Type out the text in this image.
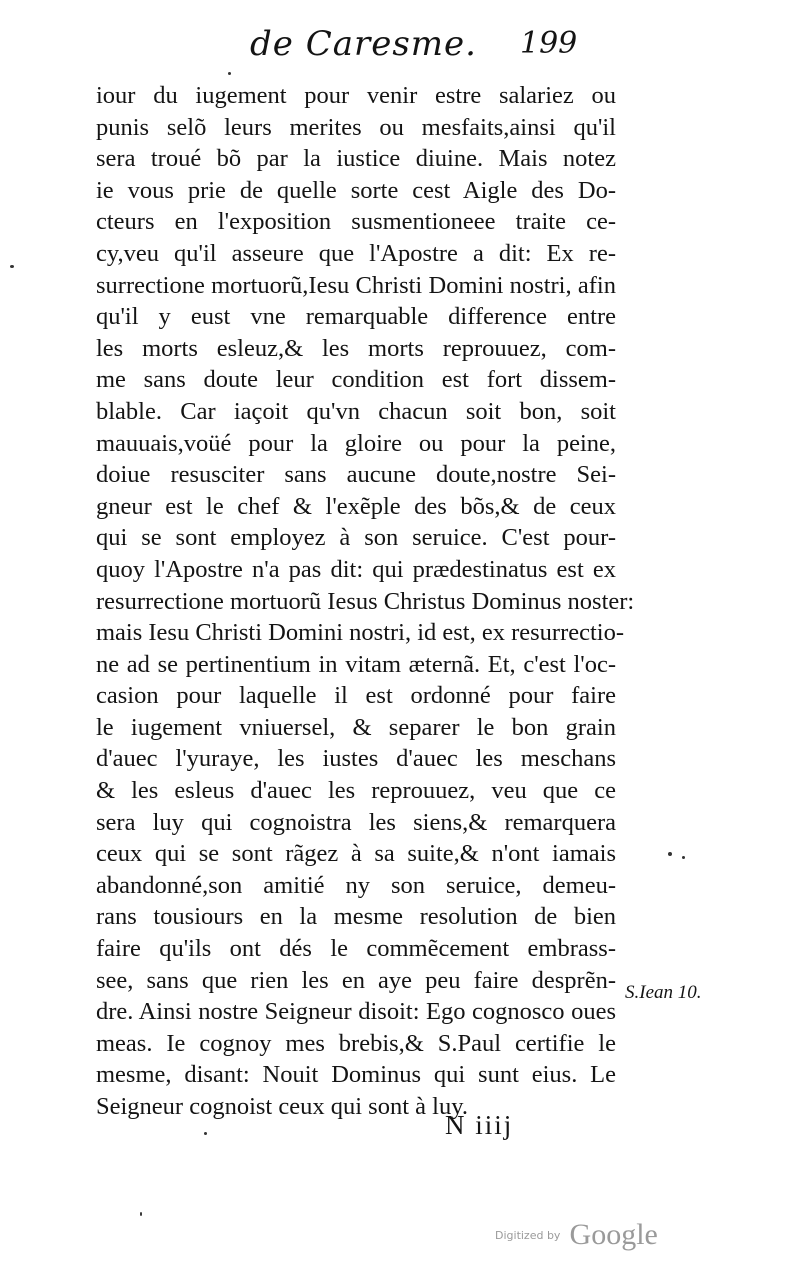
de Caresme. 199
iour du iugement pour venir estre salariez ou
punis selõ leurs merites ou mesfaits,ainsi qu'il
sera troué bõ par la iustice diuine. Mais notez
ie vous prie de quelle sorte cest Aigle des Do-
cteurs en l'exposition susmentioneee traite ce-
cy,veu qu'il asseure que l'Apostre a dit: Ex re-
surrectione mortuorũ,Iesu Christi Domini nostri, afin
qu'il y eust vne remarquable difference entre
les morts esleuz,& les morts reprouuez, com-
me sans doute leur condition est fort dissem-
blable. Car iaçoit qu'vn chacun soit bon, soit
mauuais,voüé pour la gloire ou pour la peine,
doiue resusciter sans aucune doute,nostre Sei-
gneur est le chef & l'exẽple des bõs,& de ceux
qui se sont employez à son seruice. C'est pour-
quoy l'Apostre n'a pas dit: qui prædestinatus est ex
resurrectione mortuorũ Iesus Christus Dominus noster:
mais Iesu Christi Domini nostri, id est, ex resurrectio-
ne ad se pertinentium in vitam æternã. Et, c'est l'oc-
casion pour laquelle il est ordonné pour faire
le iugement vniuersel, & separer le bon grain
d'auec l'yuraye, les iustes d'auec les meschans
& les esleus d'auec les reprouuez, veu que ce
sera luy qui cognoistra les siens,& remarquera
ceux qui se sont rãgez à sa suite,& n'ont iamais
abandonné,son amitié ny son seruice, demeu-
rans tousiours en la mesme resolution de bien
faire qu'ils ont dés le commẽcement embrass-
see, sans que rien les en aye peu faire desprẽn-
dre. Ainsi nostre Seigneur disoit: Ego cognosco oues
meas. Ie cognoy mes brebis,& S.Paul certifie le
mesme, disant: Nouit Dominus qui sunt eius. Le
Seigneur cognoist ceux qui sont à luy.
S.Iean 10.
N iiij
Digitized by Google
